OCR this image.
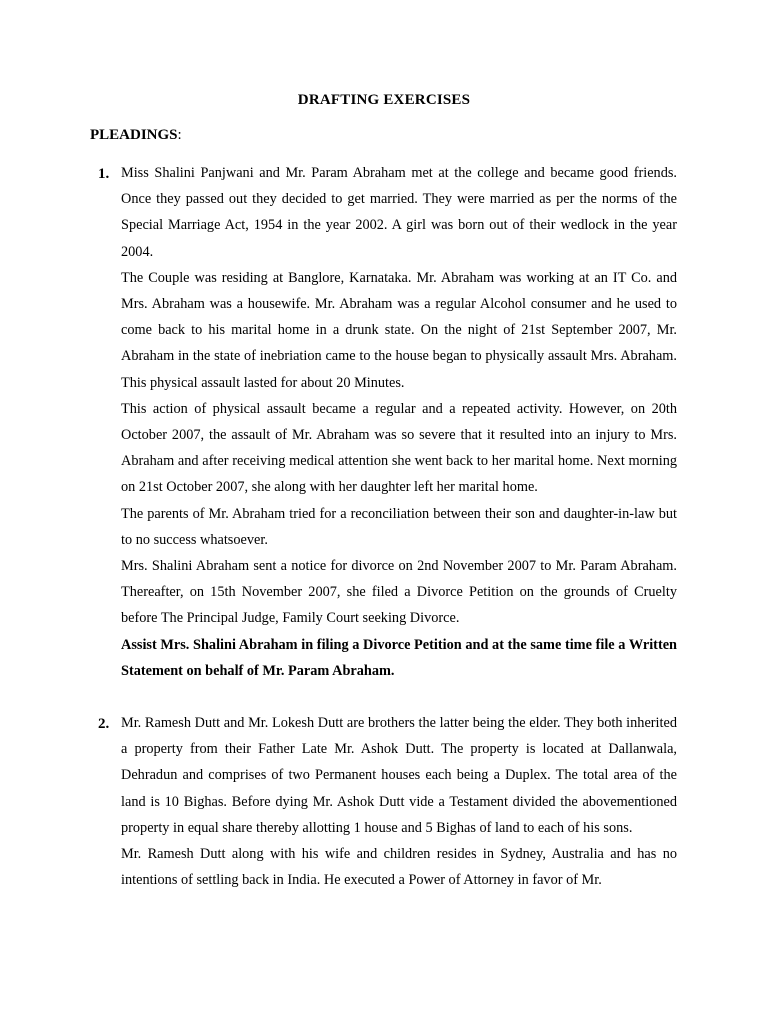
DRAFTING EXERCISES
PLEADINGS:
1. Miss Shalini Panjwani and Mr. Param Abraham met at the college and became good friends. Once they passed out they decided to get married. They were married as per the norms of the Special Marriage Act, 1954 in the year 2002. A girl was born out of their wedlock in the year 2004.

The Couple was residing at Banglore, Karnataka. Mr. Abraham was working at an IT Co. and Mrs. Abraham was a housewife. Mr. Abraham was a regular Alcohol consumer and he used to come back to his marital home in a drunk state. On the night of 21st September 2007, Mr. Abraham in the state of inebriation came to the house began to physically assault Mrs. Abraham. This physical assault lasted for about 20 Minutes.

This action of physical assault became a regular and a repeated activity. However, on 20th October 2007, the assault of Mr. Abraham was so severe that it resulted into an injury to Mrs. Abraham and after receiving medical attention she went back to her marital home. Next morning on 21st October 2007, she along with her daughter left her marital home.

The parents of Mr. Abraham tried for a reconciliation between their son and daughter-in-law but to no success whatsoever.

Mrs. Shalini Abraham sent a notice for divorce on 2nd November 2007 to Mr. Param Abraham. Thereafter, on 15th November 2007, she filed a Divorce Petition on the grounds of Cruelty before The Principal Judge, Family Court seeking Divorce.

Assist Mrs. Shalini Abraham in filing a Divorce Petition and at the same time file a Written Statement on behalf of Mr. Param Abraham.

2. Mr. Ramesh Dutt and Mr. Lokesh Dutt are brothers the latter being the elder. They both inherited a property from their Father Late Mr. Ashok Dutt. The property is located at Dallanwala, Dehradun and comprises of two Permanent houses each being a Duplex. The total area of the land is 10 Bighas. Before dying Mr. Ashok Dutt vide a Testament divided the abovementioned property in equal share thereby allotting 1 house and 5 Bighas of land to each of his sons.

Mr. Ramesh Dutt along with his wife and children resides in Sydney, Australia and has no intentions of settling back in India. He executed a Power of Attorney in favor of Mr.
